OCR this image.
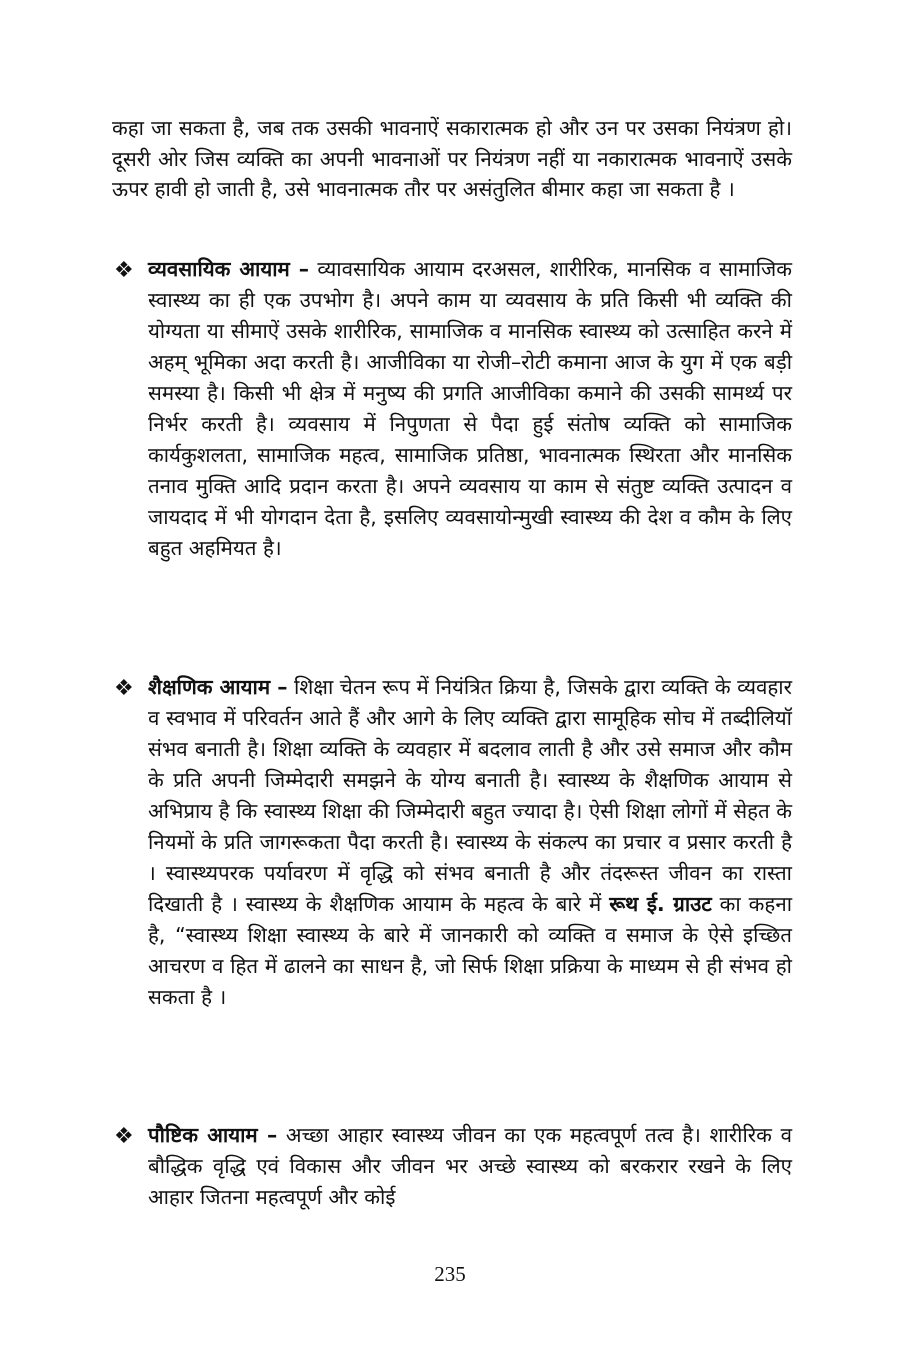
कहा जा सकता है, जब तक उसकी भावनाऐं सकारात्मक हो और उन पर उसका नियंत्रण हो। दूसरी ओर जिस व्यक्ति का अपनी भावनाओं पर नियंत्रण नहीं या नकारात्मक भावनाऐं उसके ऊपर हावी हो जाती है, उसे भावनात्मक तौर पर असंतुलित बीमार कहा जा सकता है ।
❖ व्यवसायिक आयाम – व्यावसायिक आयाम दरअसल, शारीरिक, मानसिक व सामाजिक स्वास्थ्य का ही एक उपभोग है। अपने काम या व्यवसाय के प्रति किसी भी व्यक्ति की योग्यता या सीमाऐं उसके शारीरिक, सामाजिक व मानसिक स्वास्थ्य को उत्साहित करने में अहम् भूमिका अदा करती है। आजीविका या रोजी–रोटी कमाना आज के युग में एक बड़ी समस्या है। किसी भी क्षेत्र में मनुष्य की प्रगति आजीविका कमाने की उसकी सामर्थ्य पर निर्भर करती है। व्यवसाय में निपुणता से पैदा हुई संतोष व्यक्ति को सामाजिक कार्यकुशलता, सामाजिक महत्व, सामाजिक प्रतिष्ठा, भावनात्मक स्थिरता और मानसिक तनाव मुक्ति आदि प्रदान करता है। अपने व्यवसाय या काम से संतुष्ट व्यक्ति उत्पादन व जायदाद में भी योगदान देता है, इसलिए व्यवसायोन्मुखी स्वास्थ्य की देश व कौम के लिए बहुत अहमियत है।
❖ शैक्षणिक आयाम – शिक्षा चेतन रूप में नियंत्रित क्रिया है, जिसके द्वारा व्यक्ति के व्यवहार व स्वभाव में परिवर्तन आते हैं और आगे के लिए व्यक्ति द्वारा सामूहिक सोच में तब्दीलियॉ संभव बनाती है। शिक्षा व्यक्ति के व्यवहार में बदलाव लाती है और उसे समाज और कौम के प्रति अपनी जिम्मेदारी समझने के योग्य बनाती है। स्वास्थ्य के शैक्षणिक आयाम से अभिप्राय है कि स्वास्थ्य शिक्षा की जिम्मेदारी बहुत ज्यादा है। ऐसी शिक्षा लोगों में सेहत के नियमों के प्रति जागरूकता पैदा करती है। स्वास्थ्य के संकल्प का प्रचार व प्रसार करती है । स्वास्थ्यपरक पर्यावरण में वृद्धि को संभव बनाती है और तंदरूस्त जीवन का रास्ता दिखाती है । स्वास्थ्य के शैक्षणिक आयाम के महत्व के बारे में रूथ ई. ग्राउट का कहना है, “स्वास्थ्य शिक्षा स्वास्थ्य के बारे में जानकारी को व्यक्ति व समाज के ऐसे इच्छित आचरण व हित में ढालने का साधन है, जो सिर्फ शिक्षा प्रक्रिया के माध्यम से ही संभव हो सकता है ।
❖ पौष्टिक आयाम – अच्छा आहार स्वास्थ्य जीवन का एक महत्वपूर्ण तत्व है। शारीरिक व बौद्धिक वृद्धि एवं विकास और जीवन भर अच्छे स्वास्थ्य को बरकरार रखने के लिए आहार जितना महत्वपूर्ण और कोई
235
